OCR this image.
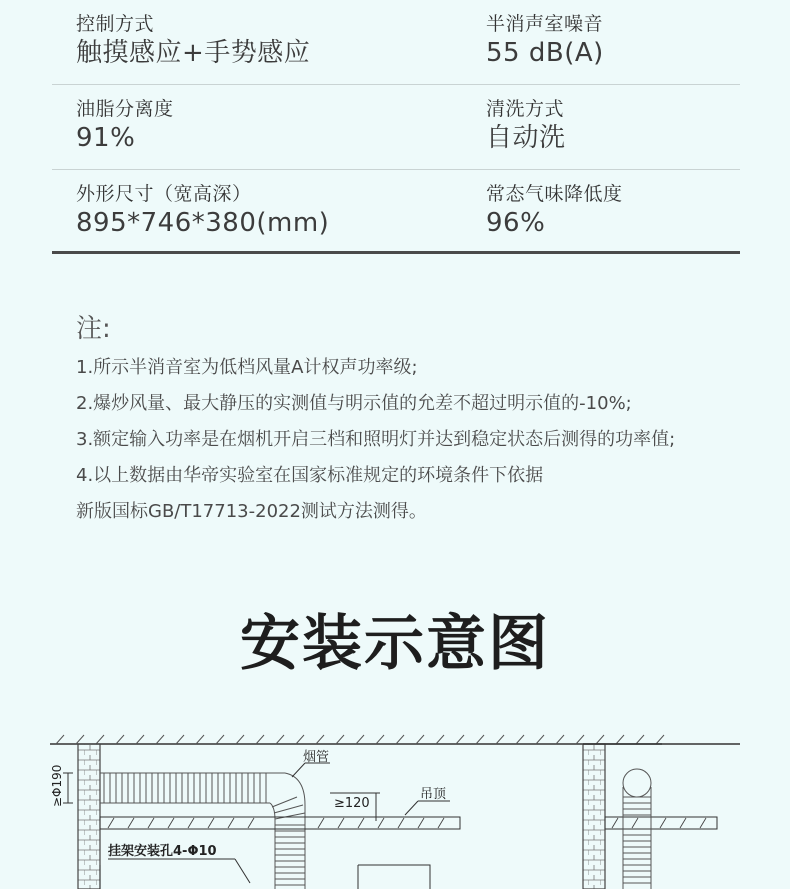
控制方式
触摸感应+手势感应
半消声室噪音
55 dB(A)
油脂分离度
91%
清洗方式
自动洗
外形尺寸（宽高深）
895*746*380(mm)
常态气味降低度
96%
注:
1.所示半消音室为低档风量A计权声功率级;
2.爆炒风量、最大静压的实测值与明示值的允差不超过明示值的-10%;
3.额定输入功率是在烟机开启三档和照明灯并达到稳定状态后测得的功率值;
4.以上数据由华帝实验室在国家标准规定的环境条件下依据
新版国标GB/T17713-2022测试方法测得。
安装示意图
≥Φ190
烟管
≥120
吊顶
挂架安装孔4-Φ10
